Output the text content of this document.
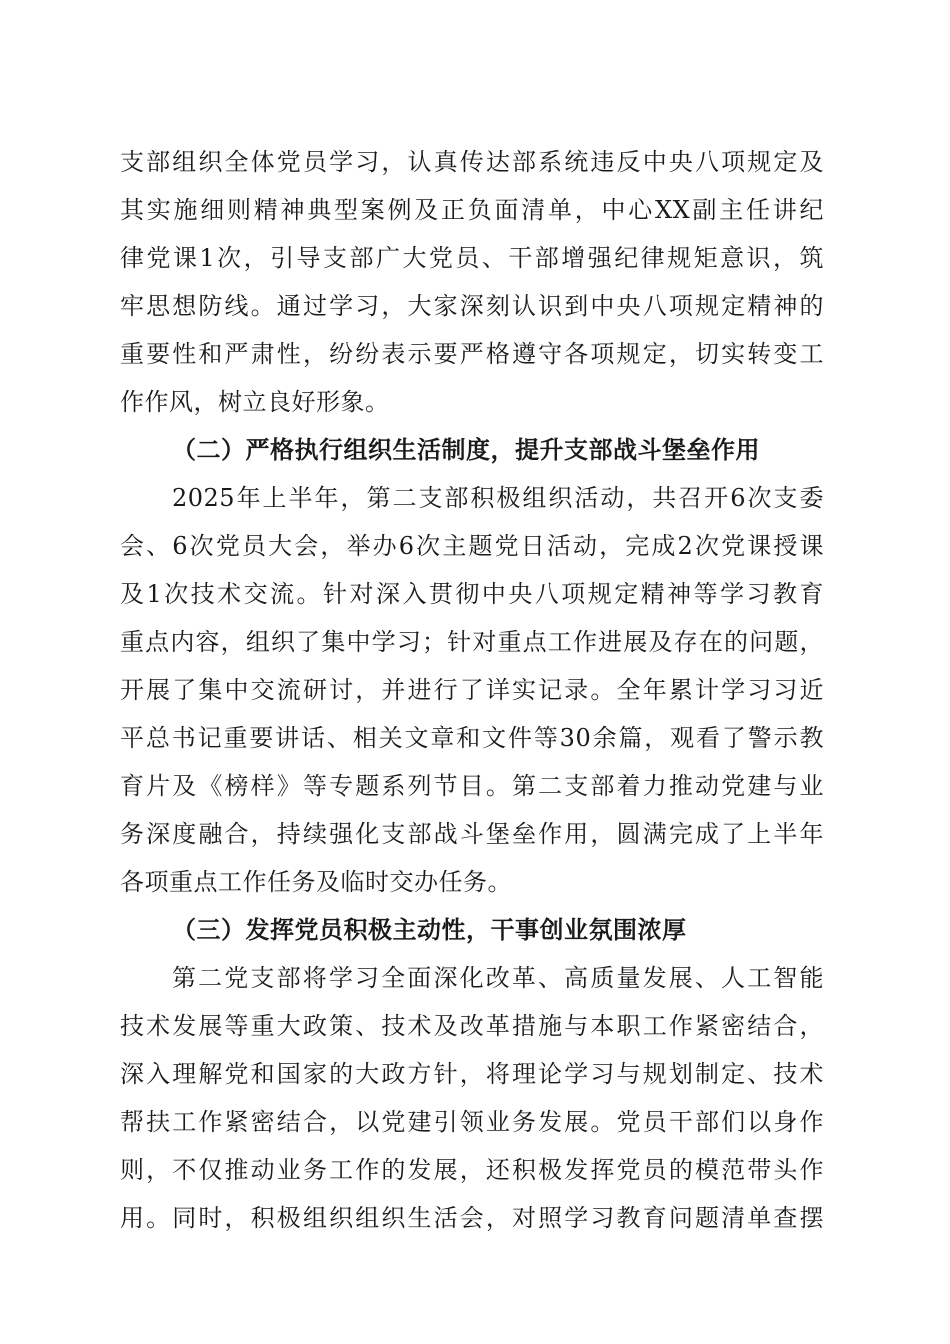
支部组织全体党员学习，认真传达部系统违反中央八项规定及
其实施细则精神典型案例及正负面清单，中心XX副主任讲纪
律党课1次，引导支部广大党员、干部增强纪律规矩意识，筑
牢思想防线。通过学习，大家深刻认识到中央八项规定精神的
重要性和严肃性，纷纷表示要严格遵守各项规定，切实转变工
作作风，树立良好形象。
（二）严格执行组织生活制度，提升支部战斗堡垒作用
2025年上半年，第二支部积极组织活动，共召开6次支委
会、6次党员大会，举办6次主题党日活动，完成2次党课授课
及1次技术交流。针对深入贯彻中央八项规定精神等学习教育
重点内容，组织了集中学习；针对重点工作进展及存在的问题，
开展了集中交流研讨，并进行了详实记录。全年累计学习习近
平总书记重要讲话、相关文章和文件等30余篇，观看了警示教
育片及《榜样》等专题系列节目。第二支部着力推动党建与业
务深度融合，持续强化支部战斗堡垒作用，圆满完成了上半年
各项重点工作任务及临时交办任务。
（三）发挥党员积极主动性，干事创业氛围浓厚
第二党支部将学习全面深化改革、高质量发展、人工智能
技术发展等重大政策、技术及改革措施与本职工作紧密结合，
深入理解党和国家的大政方针，将理论学习与规划制定、技术
帮扶工作紧密结合，以党建引领业务发展。党员干部们以身作
则，不仅推动业务工作的发展，还积极发挥党员的模范带头作
用。同时，积极组织组织生活会，对照学习教育问题清单查摆
